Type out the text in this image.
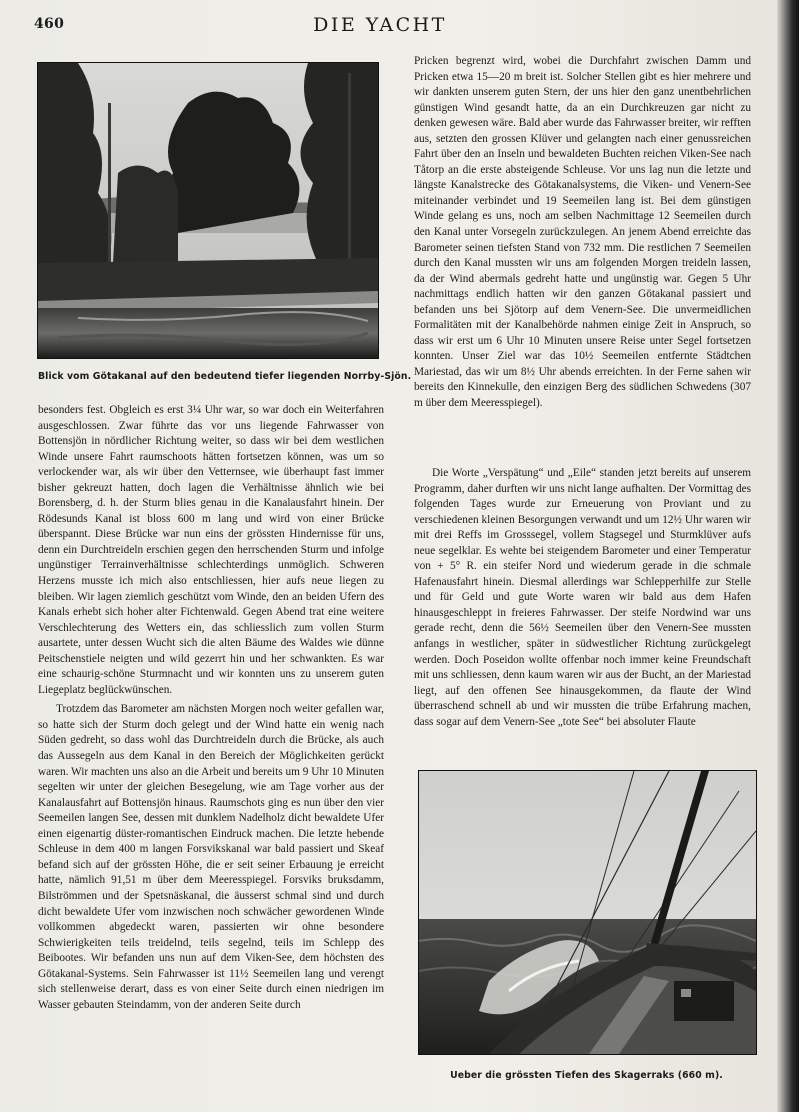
460	DIE YACHT
Blick vom Götakanal auf den bedeutend tiefer liegenden Norrby-Sjön.

besonders fest. Obgleich es erst 3¼ Uhr war, so war doch ein Weiterfahren ausgeschlossen. Zwar führte das vor uns liegende Fahrwasser von Bottensjön in nördlicher Richtung weiter, so dass wir bei dem westlichen Winde unsere Fahrt raumschoots hätten fortsetzen können, was um so verlockender war, als wir über den Vetternsee, wie überhaupt fast immer bisher gekreuzt hatten, doch lagen die Verhältnisse ähnlich wie bei Borensberg, d. h. der Sturm blies genau in die Kanalausfahrt hinein. Der Rödesunds Kanal ist bloss 600 m lang und wird von einer Brücke überspannt. Diese Brücke war nun eins der grössten Hindernisse für uns, denn ein Durchtreideln erschien gegen den herrschenden Sturm und infolge ungünstiger Terrainverhältnisse schlechterdings unmöglich. Schweren Herzens musste ich mich also entschliessen, hier aufs neue liegen zu bleiben. Wir lagen ziemlich geschützt vom Winde, den an beiden Ufern des Kanals erhebt sich hoher alter Fichtenwald. Gegen Abend trat eine weitere Verschlechterung des Wetters ein, das schliesslich zum vollen Sturm ausartete, unter dessen Wucht sich die alten Bäume des Waldes wie dünne Peitschenstiele neigten und wild gezerrt hin und her schwankten. Es war eine schaurig-schöne Sturmnacht und wir konnten uns zu unserem guten Liegeplatz beglückwünschen.

Trotzdem das Barometer am nächsten Morgen noch weiter gefallen war, so hatte sich der Sturm doch gelegt und der Wind hatte ein wenig nach Süden gedreht, so dass wohl das Durchtreideln durch die Brücke, als auch das Aussegeln aus dem Kanal in den Bereich der Möglichkeiten gerückt waren. Wir machten uns also an die Arbeit und bereits um 9 Uhr 10 Minuten segelten wir unter der gleichen Besegelung, wie am Tage vorher aus der Kanalausfahrt auf Bottensjön hinaus. Raumschots ging es nun über den vier Seemeilen langen See, dessen mit dunklem Nadelholz dicht bewaldete Ufer einen eigenartig düster-romantischen Eindruck machen. Die letzte hebende Schleuse in dem 400 m langen Forsvikskanal war bald passiert und Skeaf befand sich auf der grössten Höhe, die er seit seiner Erbauung je erreicht hatte, nämlich 91,51 m über dem Meeresspiegel. Forsviks bruksdamm, Bilströmmen und der Spetsnäskanal, die äusserst schmal sind und durch dicht bewaldete Ufer vom inzwischen noch schwächer gewordenen Winde vollkommen abgedeckt waren, passierten wir ohne besondere Schwierigkeiten teils treidelnd, teils segelnd, teils im Schlepp des Beibootes. Wir befanden uns nun auf dem Viken-See, dem höchsten des Götakanal-Systems. Sein Fahrwasser ist 11½ Seemeilen lang und verengt sich stellenweise derart, dass es von einer Seite durch einen niedrigen im Wasser gebauten Steindamm, von der anderen Seite durch

Pricken begrenzt wird, wobei die Durchfahrt zwischen Damm und Pricken etwa 15—20 m breit ist. Solcher Stellen gibt es hier mehrere und wir dankten unserem guten Stern, der uns hier den ganz unentbehrlichen günstigen Wind gesandt hatte, da an ein Durchkreuzen gar nicht zu denken gewesen wäre. Bald aber wurde das Fahrwasser breiter, wir refften aus, setzten den grossen Klüver und gelangten nach einer genussreichen Fahrt über den an Inseln und bewaldeten Buchten reichen Viken-See nach Tåtorp an die erste absteigende Schleuse. Vor uns lag nun die letzte und längste Kanalstrecke des Götakanalsystems, die Viken- und Venern-See miteinander verbindet und 19 Seemeilen lang ist. Bei dem günstigen Winde gelang es uns, noch am selben Nachmittage 12 Seemeilen durch den Kanal unter Vorsegeln zurückzulegen. An jenem Abend erreichte das Barometer seinen tiefsten Stand von 732 mm. Die restlichen 7 Seemeilen durch den Kanal mussten wir uns am folgenden Morgen treideln lassen, da der Wind abermals gedreht hatte und ungünstig war. Gegen 5 Uhr nachmittags endlich hatten wir den ganzen Götakanal passiert und befanden uns bei Sjötorp auf dem Venern-See. Die unvermeidlichen Formalitäten mit der Kanalbehörde nahmen einige Zeit in Anspruch, so dass wir erst um 6 Uhr 10 Minuten unsere Reise unter Segel fortsetzen konnten. Unser Ziel war das 10½ Seemeilen entfernte Städtchen Mariestad, das wir um 8½ Uhr abends erreichten. In der Ferne sahen wir bereits den Kinnekulle, den einzigen Berg des südlichen Schwedens (307 m über dem Meeresspiegel).

Die Worte „Verspätung“ und „Eile“ standen jetzt bereits auf unserem Programm, daher durften wir uns nicht lange aufhalten. Der Vormittag des folgenden Tages wurde zur Erneuerung von Proviant und zu verschiedenen kleinen Besorgungen verwandt und um 12½ Uhr waren wir mit drei Reffs im Grosssegel, vollem Stagsegel und Sturmklüver aufs neue segelklar. Es wehte bei steigendem Barometer und einer Temperatur von + 5° R. ein steifer Nord und wiederum gerade in die schmale Hafenausfahrt hinein. Diesmal allerdings war Schlepperhilfe zur Stelle und für Geld und gute Worte waren wir bald aus dem Hafen hinausgeschleppt in freieres Fahrwasser. Der steife Nordwind war uns gerade recht, denn die 56½ Seemeilen über den Venern-See mussten anfangs in westlicher, später in südwestlicher Richtung zurückgelegt werden. Doch Poseidon wollte offenbar noch immer keine Freundschaft mit uns schliessen, denn kaum waren wir aus der Bucht, an der Mariestad liegt, auf den offenen See hinausgekommen, da flaute der Wind überraschend schnell ab und wir mussten die trübe Erfahrung machen, dass sogar auf dem Venern-See „tote See“ bei absoluter Flaute

Ueber die grössten Tiefen des Skagerraks (660 m).
